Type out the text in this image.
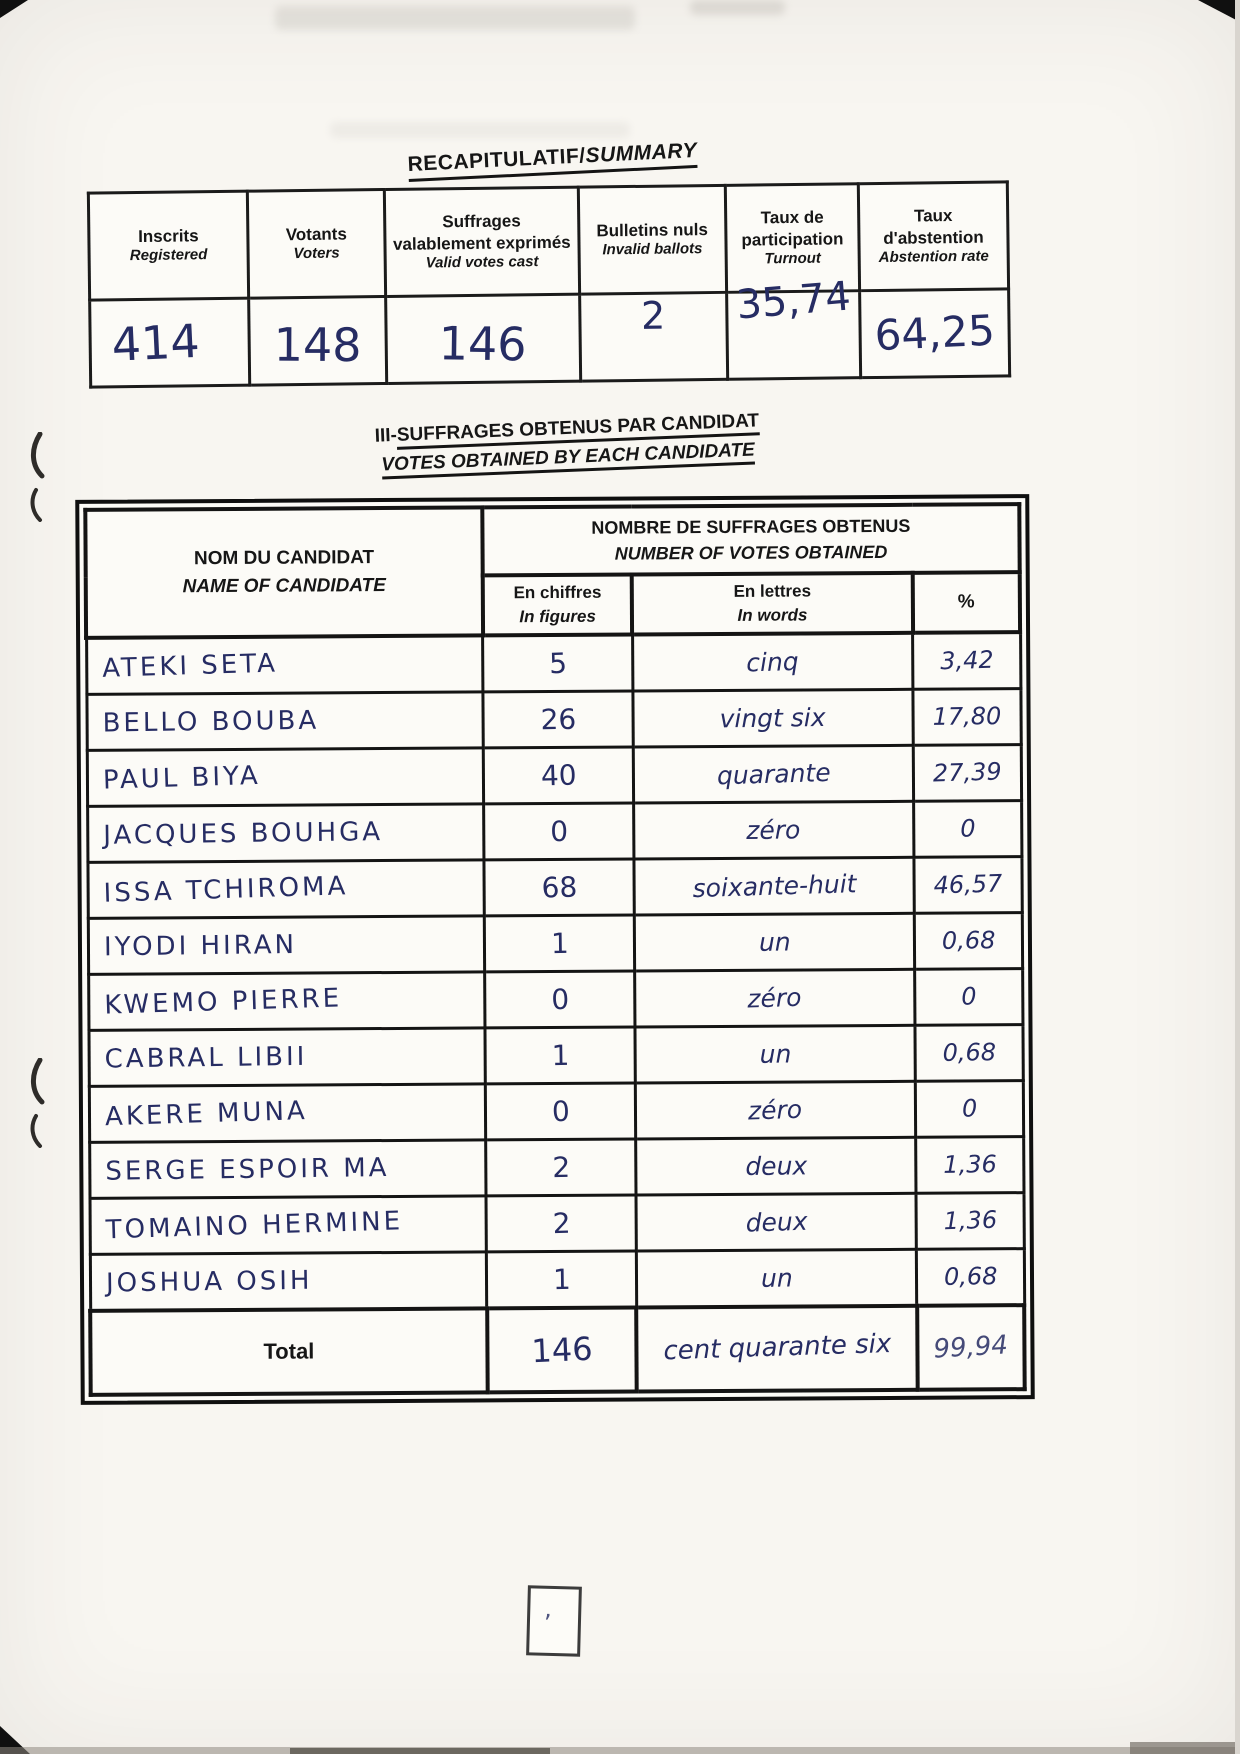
RECAPITULATIF/SUMMARY
Inscrits
Registered

Votants
Voters

Suffrages valablement exprimés
Valid votes cast

Bulletins nuls
Invalid ballots

Taux de participation
Turnout

Taux d'abstention
Abstention rate

414	148	146	2	35,74	64,25
III-SUFFRAGES OBTENUS PAR CANDIDAT
VOTES OBTAINED BY EACH CANDIDATE
NOM DU CANDIDAT
NAME OF CANDIDATE

NOMBRE DE SUFFRAGES OBTENUS
NUMBER OF VOTES OBTAINED

En chiffres
In figures

En lettres
In words

%

ATEKI SETA	5	cinq	3,42
BELLO BOUBA	26	vingt six	17,80
PAUL BIYA	40	quarante	27,39
JACQUES BOUHGA	0	zéro	0
ISSA TCHIROMA	68	soixante-huit	46,57
IYODI HIRAN	1	un	0,68
KWEMO PIERRE	0	zéro	0
CABRAL LIBII	1	un	0,68
AKERE MUNA	0	zéro	0
SERGE ESPOIR MA	2	deux	1,36
TOMAINO HERMINE	2	deux	1,36
JOSHUA OSIH	1	un	0,68
Total	146	cent quarante six	99,94
,
